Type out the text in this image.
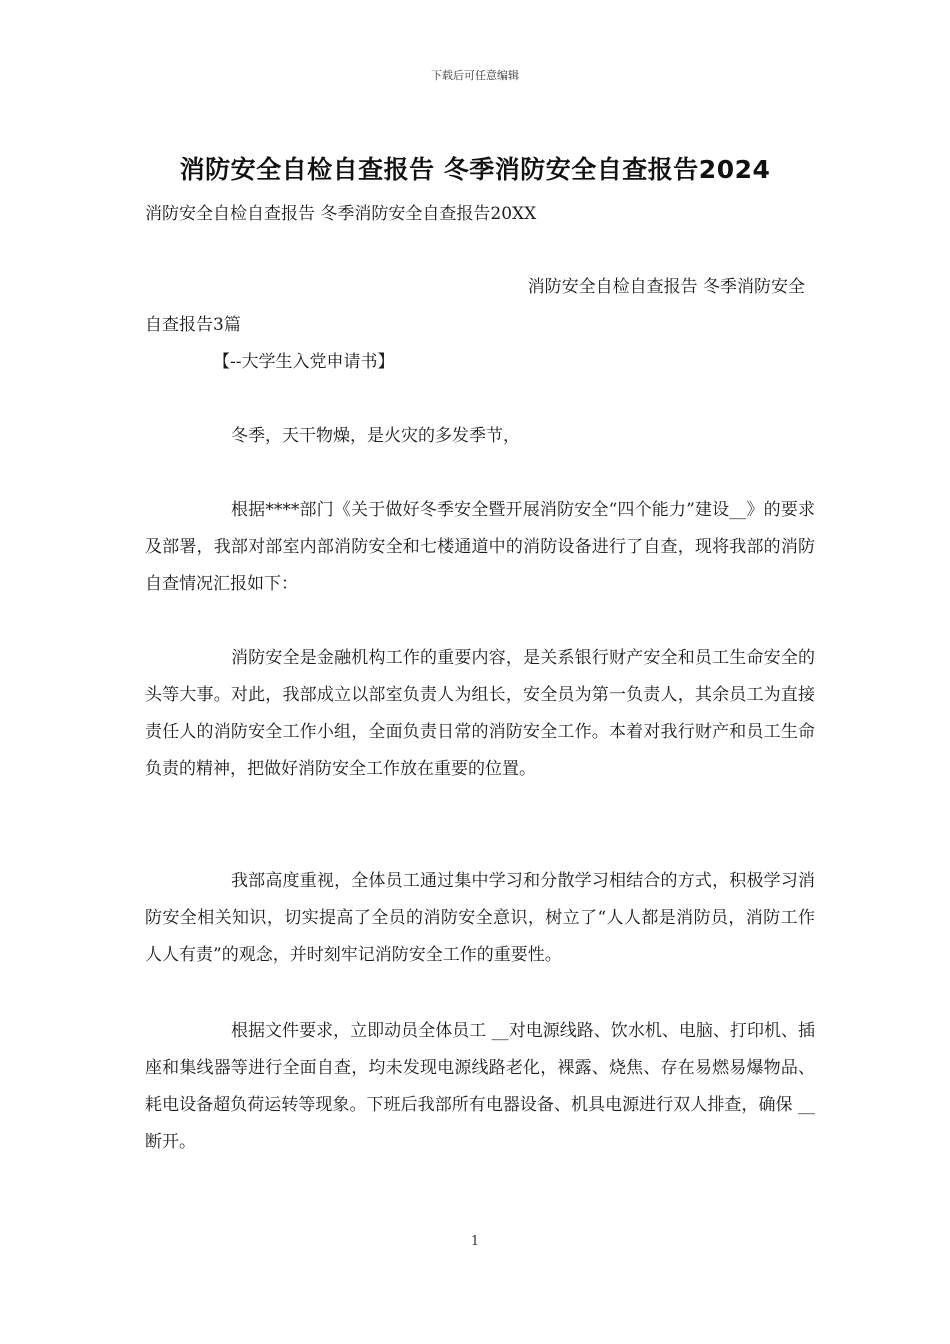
下载后可任意编辑
消防安全自检自查报告 冬季消防安全自查报告2024
消防安全自检自查报告 冬季消防安全自查报告20XX
消防安全自检自查报告 冬季消防安全
自查报告3篇
【--大学生入党申请书】
冬季，天干物燥，是火灾的多发季节，
根据****部门《关于做好冬季安全暨开展消防安全“四个能力”建设__》的要求及部署，我部对部室内部消防安全和七楼通道中的消防设备进行了自查，现将我部的消防自查情况汇报如下：
消防安全是金融机构工作的重要内容，是关系银行财产安全和员工生命安全的头等大事。对此，我部成立以部室负责人为组长，安全员为第一负责人，其余员工为直接责任人的消防安全工作小组，全面负责日常的消防安全工作。本着对我行财产和员工生命负责的精神，把做好消防安全工作放在重要的位置。
我部高度重视，全体员工通过集中学习和分散学习相结合的方式，积极学习消防安全相关知识，切实提高了全员的消防安全意识，树立了“人人都是消防员，消防工作人人有责”的观念，并时刻牢记消防安全工作的重要性。
根据文件要求，立即动员全体员工 __对电源线路、饮水机、电脑、打印机、插座和集线器等进行全面自查，均未发现电源线路老化，裸露、烧焦、存在易燃易爆物品、耗电设备超负荷运转等现象。下班后我部所有电器设备、机具电源进行双人排查，确保 __断开。
1
